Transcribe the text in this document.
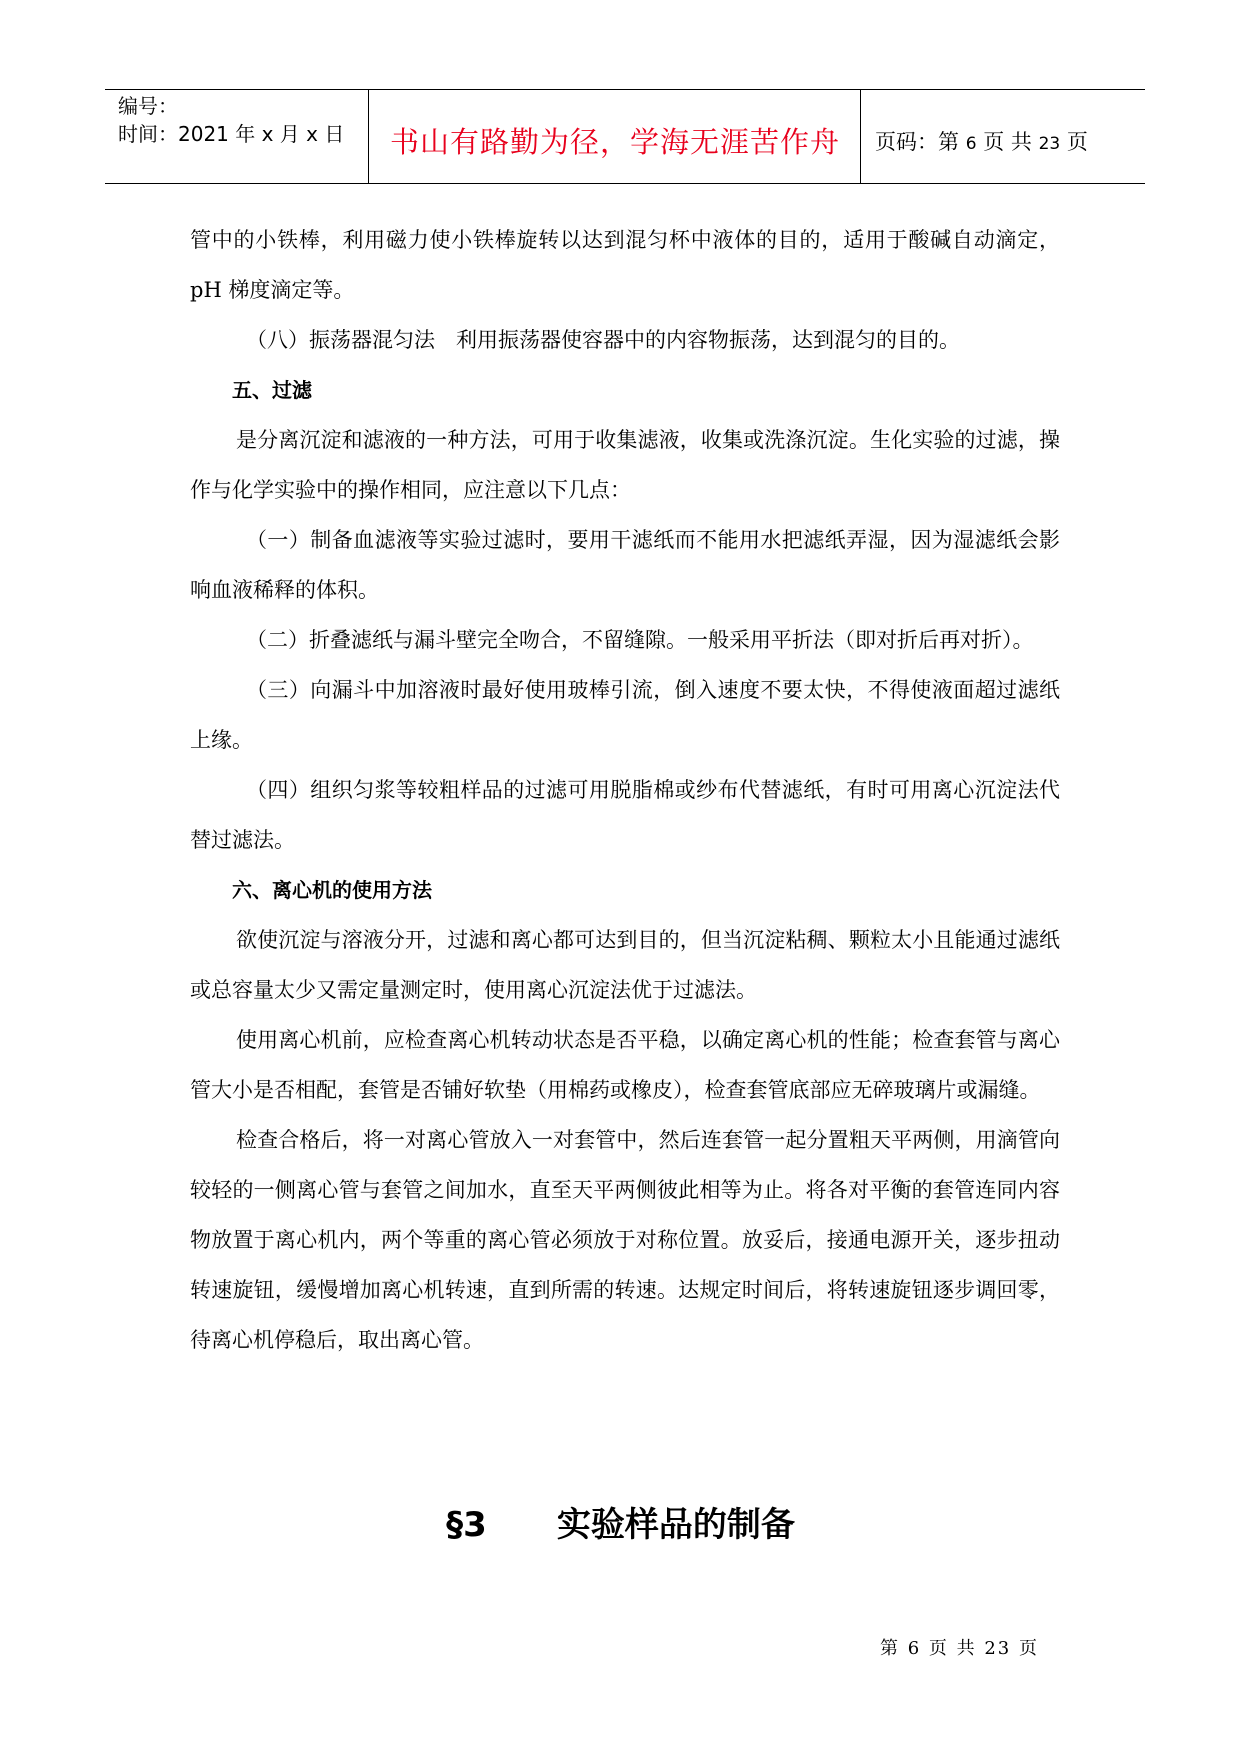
编号：
时间：2021 年 x 月 x 日	书山有路勤为径，学海无涯苦作舟	页码：第 6 页 共 23 页

管中的小铁棒，利用磁力使小铁棒旋转以达到混匀杯中液体的目的，适用于酸碱自动滴定，pH 梯度滴定等。

（八）振荡器混匀法　利用振荡器使容器中的内容物振荡，达到混匀的目的。

五、过滤

是分离沉淀和滤液的一种方法，可用于收集滤液，收集或洗涤沉淀。生化实验的过滤，操作与化学实验中的操作相同，应注意以下几点：

（一）制备血滤液等实验过滤时，要用干滤纸而不能用水把滤纸弄湿，因为湿滤纸会影响血液稀释的体积。

（二）折叠滤纸与漏斗壁完全吻合，不留缝隙。一般采用平折法（即对折后再对折）。

（三）向漏斗中加溶液时最好使用玻棒引流，倒入速度不要太快，不得使液面超过滤纸上缘。

（四）组织匀浆等较粗样品的过滤可用脱脂棉或纱布代替滤纸，有时可用离心沉淀法代替过滤法。

六、离心机的使用方法

欲使沉淀与溶液分开，过滤和离心都可达到目的，但当沉淀粘稠、颗粒太小且能通过滤纸或总容量太少又需定量测定时，使用离心沉淀法优于过滤法。

使用离心机前，应检查离心机转动状态是否平稳，以确定离心机的性能；检查套管与离心管大小是否相配，套管是否铺好软垫（用棉药或橡皮），检查套管底部应无碎玻璃片或漏缝。

检查合格后，将一对离心管放入一对套管中，然后连套管一起分置粗天平两侧，用滴管向较轻的一侧离心管与套管之间加水，直至天平两侧彼此相等为止。将各对平衡的套管连同内容物放置于离心机内，两个等重的离心管必须放于对称位置。放妥后，接通电源开关，逐步扭动转速旋钮，缓慢增加离心机转速，直到所需的转速。达规定时间后，将转速旋钮逐步调回零，待离心机停稳后，取出离心管。

§3 实验样品的制备
第 6 页 共 23 页
